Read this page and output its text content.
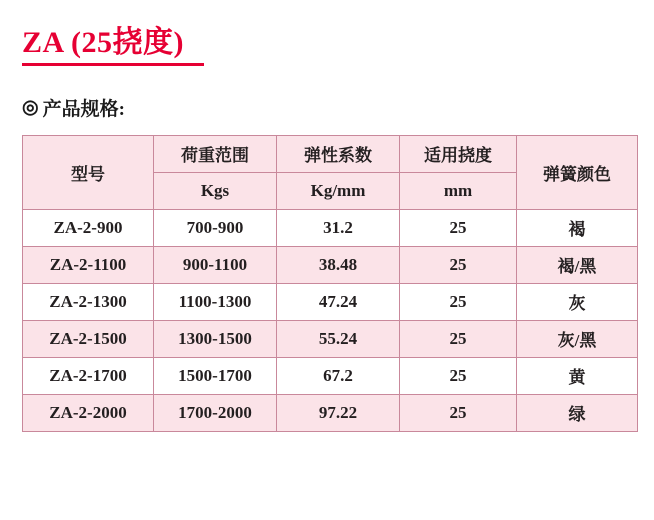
ZA (25挠度)
◎ 产品规格:
型号	荷重范围	弹性系数	适用挠度	弹簧颜色
	Kgs	Kg/mm	mm	
ZA-2-900	700-900	31.2	25	褐
ZA-2-1100	900-1100	38.48	25	褐/黑
ZA-2-1300	1100-1300	47.24	25	灰
ZA-2-1500	1300-1500	55.24	25	灰/黑
ZA-2-1700	1500-1700	67.2	25	黄
ZA-2-2000	1700-2000	97.22	25	绿
